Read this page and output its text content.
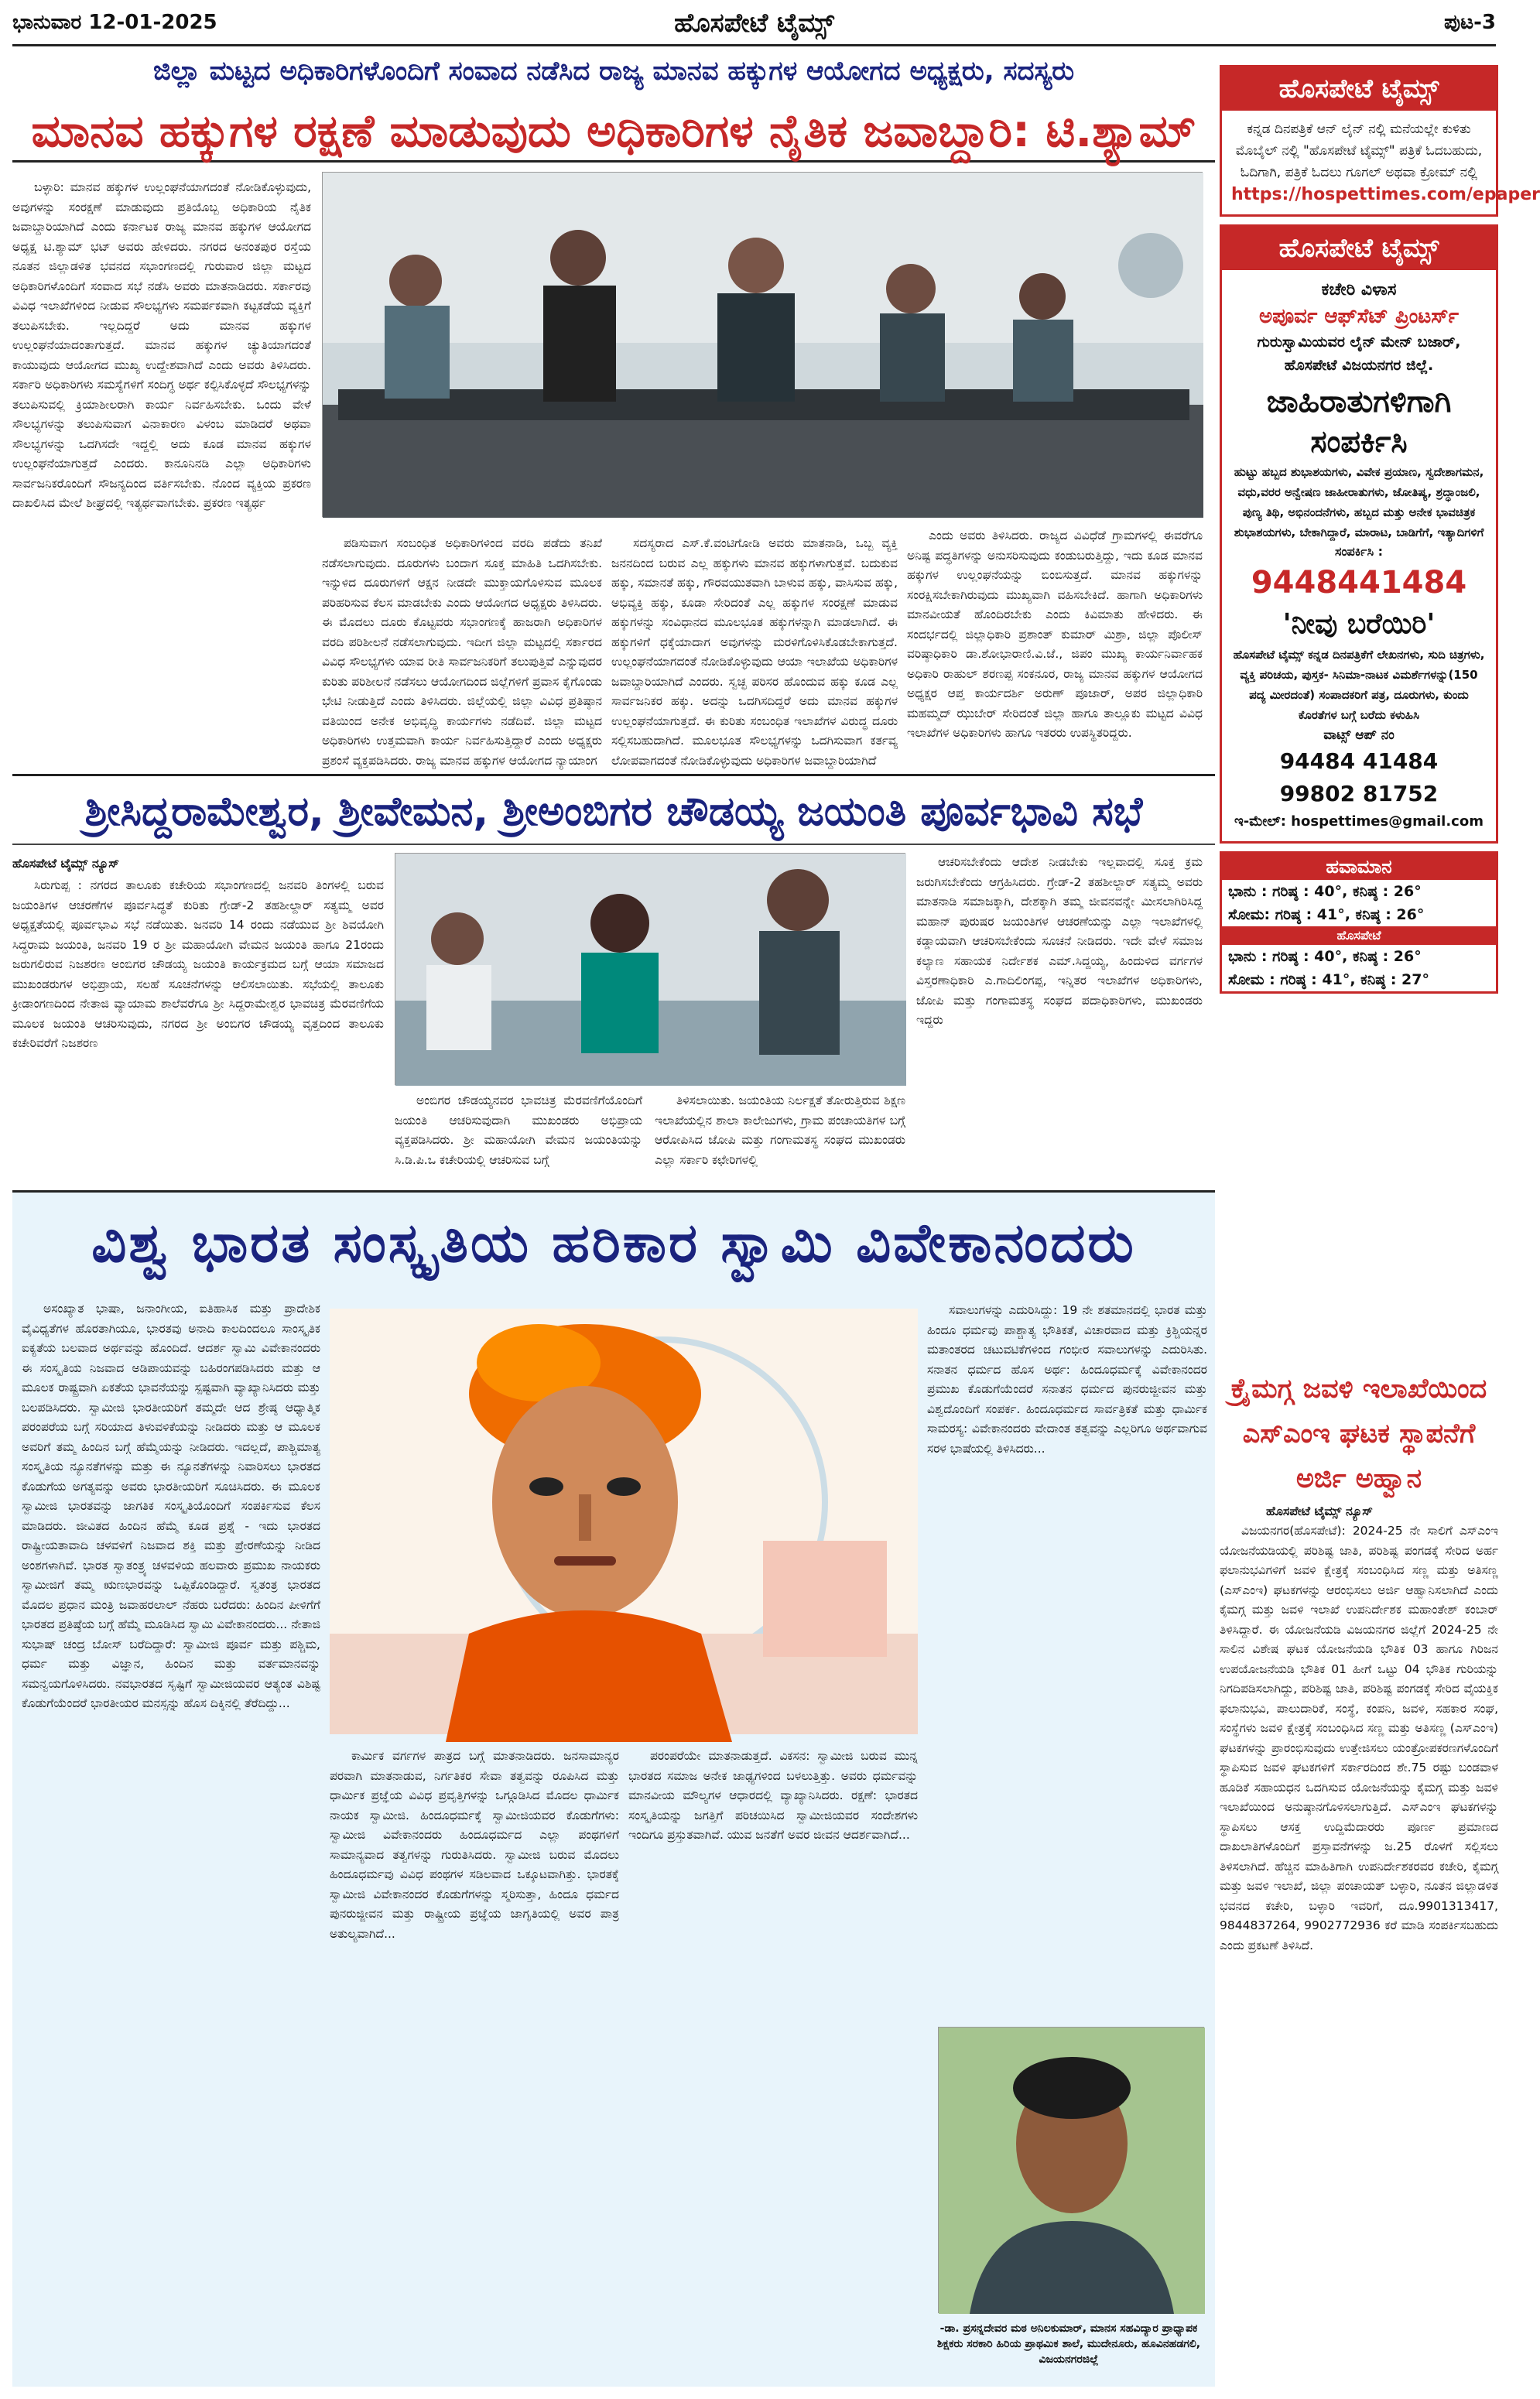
ಭಾನುವಾರ 12-01-2025	ಹೊಸಪೇಟೆ ಟೈಮ್ಸ್	ಪುಟ-3
ಜಿಲ್ಲಾ ಮಟ್ಟದ ಅಧಿಕಾರಿಗಳೊಂದಿಗೆ ಸಂವಾದ ನಡೆಸಿದ ರಾಜ್ಯ ಮಾನವ ಹಕ್ಕುಗಳ ಆಯೋಗದ ಅಧ್ಯಕ್ಷರು, ಸದಸ್ಯರು
ಮಾನವ ಹಕ್ಕುಗಳ ರಕ್ಷಣೆ ಮಾಡುವುದು ಅಧಿಕಾರಿಗಳ ನೈತಿಕ ಜವಾಬ್ದಾರಿ: ಟಿ.ಶ್ಯಾಮ್

ಬಳ್ಳಾರಿ: ಮಾನವ ಹಕ್ಕುಗಳ ಉಲ್ಲಂಘನೆಯಾಗದಂತೆ ನೋಡಿಕೊಳ್ಳುವುದು, ಅವುಗಳನ್ನು ಸಂರಕ್ಷಣೆ ಮಾಡುವುದು ಪ್ರತಿಯೊಬ್ಬ ಅಧಿಕಾರಿಯ ನೈತಿಕ ಜವಾಬ್ದಾರಿಯಾಗಿದೆ ಎಂದು ಕರ್ನಾಟಕ ರಾಜ್ಯ ಮಾನವ ಹಕ್ಕುಗಳ ಆಯೋಗದ ಅಧ್ಯಕ್ಷ ಟಿ.ಶ್ಯಾಮ್ ಭಟ್ ಅವರು ಹೇಳಿದರು. ನಗರದ ಅನಂತಪುರ ರಸ್ತೆಯ ನೂತನ ಜಿಲ್ಲಾಡಳಿತ ಭವನದ ಸಭಾಂಗಣದಲ್ಲಿ ಗುರುವಾರ ಜಿಲ್ಲಾ ಮಟ್ಟದ ಅಧಿಕಾರಿಗಳೊಂದಿಗೆ ಸಂವಾದ ಸಭೆ ನಡೆಸಿ ಅವರು ಮಾತನಾಡಿದರು. ಸರ್ಕಾರವು ವಿವಿಧ ಇಲಾಖೆಗಳಿಂದ ನೀಡುವ ಸೌಲಭ್ಯಗಳು ಸಮರ್ಪಕವಾಗಿ ಕಟ್ಟಕಡೆಯ ವ್ಯಕ್ತಿಗೆ ತಲುಪಿಸಬೇಕು. ಇಲ್ಲದಿದ್ದರೆ ಅದು ಮಾನವ ಹಕ್ಕುಗಳ ಉಲ್ಲಂಘನೆಯಾದಂತಾಗುತ್ತದೆ. ಮಾನವ ಹಕ್ಕುಗಳ ಚ್ಯುತಿಯಾಗದಂತೆ ಕಾಯುವುದು ಆಯೋಗದ ಮುಖ್ಯ ಉದ್ದೇಶವಾಗಿದೆ ಎಂದು ಅವರು ತಿಳಿಸಿದರು. ಸರ್ಕಾರಿ ಅಧಿಕಾರಿಗಳು ಸಮಸ್ಯೆಗಳಿಗೆ ಸಂದಿಗ್ಧ ಅರ್ಥ ಕಲ್ಪಿಸಿಕೊಳ್ಳದೆ ಸೌಲಭ್ಯಗಳನ್ನು ತಲುಪಿಸುವಲ್ಲಿ ಕ್ರಿಯಾಶೀಲರಾಗಿ ಕಾರ್ಯ ನಿರ್ವಹಿಸಬೇಕು. ಒಂದು ವೇಳೆ ಸೌಲಭ್ಯಗಳನ್ನು ತಲುಪಿಸುವಾಗ ವಿನಾಕಾರಣ ವಿಳಂಬ ಮಾಡಿದರೆ ಅಥವಾ ಸೌಲಭ್ಯಗಳನ್ನು ಒದಗಿಸದೇ ಇದ್ದಲ್ಲಿ ಅದು ಕೂಡ ಮಾನವ ಹಕ್ಕುಗಳ ಉಲ್ಲಂಘನೆಯಾಗುತ್ತದೆ ಎಂದರು. ಕಾನೂನಿನಡಿ ಎಲ್ಲಾ ಅಧಿಕಾರಿಗಳು ಸಾರ್ವಜನಿಕರೊಂದಿಗೆ ಸೌಜನ್ಯದಿಂದ ವರ್ತಿಸಬೇಕು. ನೊಂದ ವ್ಯಕ್ತಿಯ ಪ್ರಕರಣ ದಾಖಲಿಸಿದ ಮೇಲೆ ಶೀಘ್ರದಲ್ಲಿ ಇತ್ಯರ್ಥವಾಗಬೇಕು. ಪ್ರಕರಣ ಇತ್ಯರ್ಥ

ಪಡಿಸುವಾಗ ಸಂಬಂಧಿತ ಅಧಿಕಾರಿಗಳಿಂದ ವರದಿ ಪಡೆದು ತನಿಖೆ ನಡೆಸಲಾಗುವುದು. ದೂರುಗಳು ಬಂದಾಗ ಸೂಕ್ತ ಮಾಹಿತಿ ಒದಗಿಸಬೇಕು. ಇನ್ನುಳಿದ ದೂರುಗಳಿಗೆ ಆಕ್ಷನ ನೀಡದೇ ಮುಕ್ತಾಯಗೊಳಿಸುವ ಮೂಲಕ ಪರಿಹರಿಸುವ ಕೆಲಸ ಮಾಡಬೇಕು ಎಂದು ಆಯೋಗದ ಅಧ್ಯಕ್ಷರು ತಿಳಿಸಿದರು. ಈ ಮೊದಲು ದೂರು ಕೊಟ್ಟವರು ಸಭಾಂಗಣಕ್ಕೆ ಹಾಜರಾಗಿ ಅಧಿಕಾರಿಗಳ ವರದಿ ಪರಿಶೀಲನೆ ನಡೆಸಲಾಗುವುದು. ಇದೀಗ ಜಿಲ್ಲಾ ಮಟ್ಟದಲ್ಲಿ ಸರ್ಕಾರದ ವಿವಿಧ ಸೌಲಭ್ಯಗಳು ಯಾವ ರೀತಿ ಸಾರ್ವಜನಿಕರಿಗೆ ತಲುಪುತ್ತಿವೆ ಎನ್ನುವುದರ ಕುರಿತು ಪರಿಶೀಲನೆ ನಡೆಸಲು ಆಯೋಗದಿಂದ ಜಿಲ್ಲೆಗಳಿಗೆ ಪ್ರವಾಸ ಕೈಗೊಂಡು ಭೇಟಿ ನೀಡುತ್ತಿದೆ ಎಂದು ತಿಳಿಸಿದರು. ಜಿಲ್ಲೆಯಲ್ಲಿ ಜಿಲ್ಲಾ ವಿವಿಧ ಪ್ರತಿಷ್ಠಾನ ವತಿಯಿಂದ ಅನೇಕ ಅಭಿವೃದ್ಧಿ ಕಾರ್ಯಗಳು ನಡೆದಿವೆ. ಜಿಲ್ಲಾ ಮಟ್ಟದ ಅಧಿಕಾರಿಗಳು ಉತ್ತಮವಾಗಿ ಕಾರ್ಯ ನಿರ್ವಹಿಸುತ್ತಿದ್ದಾರೆ ಎಂದು ಅಧ್ಯಕ್ಷರು ಪ್ರಶಂಸೆ ವ್ಯಕ್ತಪಡಿಸಿದರು. ರಾಜ್ಯ ಮಾನವ ಹಕ್ಕುಗಳ ಆಯೋಗದ ನ್ಯಾಯಾಂಗ

ಸದಸ್ಯರಾದ ಎಸ್.ಕೆ.ವಂಟಿಗೋಡಿ ಅವರು ಮಾತನಾಡಿ, ಒಬ್ಬ ವ್ಯಕ್ತಿ ಜನನದಿಂದ ಬರುವ ಎಲ್ಲ ಹಕ್ಕುಗಳು ಮಾನವ ಹಕ್ಕುಗಳಾಗುತ್ತವೆ. ಬದುಕುವ ಹಕ್ಕು, ಸಮಾನತೆ ಹಕ್ಕು, ಗೌರವಯುತವಾಗಿ ಬಾಳುವ ಹಕ್ಕು, ವಾಸಿಸುವ ಹಕ್ಕು, ಅಭಿವ್ಯಕ್ತಿ ಹಕ್ಕು, ಕೂಡಾ ಸೇರಿದಂತೆ ಎಲ್ಲ ಹಕ್ಕುಗಳ ಸಂರಕ್ಷಣೆ ಮಾಡುವ ಹಕ್ಕುಗಳನ್ನು ಸಂವಿಧಾನದ ಮೂಲಭೂತ ಹಕ್ಕುಗಳನ್ನಾಗಿ ಮಾಡಲಾಗಿದೆ. ಈ ಹಕ್ಕುಗಳಿಗೆ ಧಕ್ಕೆಯಾದಾಗ ಅವುಗಳನ್ನು ಮರಳಿಗೊಳಿಸಿಕೊಡಬೇಕಾಗುತ್ತದೆ. ಉಲ್ಲಂಘನೆಯಾಗದಂತೆ ನೋಡಿಕೊಳ್ಳುವುದು ಆಯಾ ಇಲಾಖೆಯ ಅಧಿಕಾರಿಗಳ ಜವಾಬ್ದಾರಿಯಾಗಿದೆ ಎಂದರು. ಸ್ವಚ್ಛ ಪರಿಸರ ಹೊಂದುವ ಹಕ್ಕು ಕೂಡ ಎಲ್ಲ ಸಾರ್ವಜನಿಕರ ಹಕ್ಕು. ಅದನ್ನು ಒದಗಿಸದಿದ್ದರೆ ಅದು ಮಾನವ ಹಕ್ಕುಗಳ ಉಲ್ಲಂಘನೆಯಾಗುತ್ತದೆ. ಈ ಕುರಿತು ಸಂಬಂಧಿತ ಇಲಾಖೆಗಳ ವಿರುದ್ಧ ದೂರು ಸಲ್ಲಿಸಬಹುದಾಗಿದೆ. ಮೂಲಭೂತ ಸೌಲಭ್ಯಗಳನ್ನು ಒದಗಿಸುವಾಗ ಕರ್ತವ್ಯ ಲೋಪವಾಗದಂತೆ ನೋಡಿಕೊಳ್ಳುವುದು ಅಧಿಕಾರಿಗಳ ಜವಾಬ್ದಾರಿಯಾಗಿದೆ

ಎಂದು ಅವರು ತಿಳಿಸಿದರು. ರಾಜ್ಯದ ವಿವಿಧೆಡೆ ಗ್ರಾಮಗಳಲ್ಲಿ ಈವರೆಗೂ ಅನಿಷ್ಟ ಪದ್ಧತಿಗಳನ್ನು ಅನುಸರಿಸುವುದು ಕಂಡುಬರುತ್ತಿದ್ದು, ಇದು ಕೂಡ ಮಾನವ ಹಕ್ಕುಗಳ ಉಲ್ಲಂಘನೆಯನ್ನು ಬಿಂಬಿಸುತ್ತದೆ. ಮಾನವ ಹಕ್ಕುಗಳನ್ನು ಸಂರಕ್ಷಿಸಬೇಕಾಗಿರುವುದು ಮುಖ್ಯವಾಗಿ ವಹಿಸಬೇಕಿದೆ. ಹಾಗಾಗಿ ಅಧಿಕಾರಿಗಳು ಮಾನವೀಯತೆ ಹೊಂದಿರಬೇಕು ಎಂದು ಕಿವಿಮಾತು ಹೇಳಿದರು. ಈ ಸಂದರ್ಭದಲ್ಲಿ ಜಿಲ್ಲಾಧಿಕಾರಿ ಪ್ರಶಾಂತ್ ಕುಮಾರ್ ಮಿಶ್ರಾ, ಜಿಲ್ಲಾ ಪೊಲೀಸ್ ವರಿಷ್ಠಾಧಿಕಾರಿ ಡಾ.ಶೋಭಾರಾಣಿ.ವಿ.ಜೆ., ಜಿಪಂ ಮುಖ್ಯ ಕಾರ್ಯನಿರ್ವಾಹಕ ಅಧಿಕಾರಿ ರಾಹುಲ್ ಶರಣಪ್ಪ ಸಂಕನೂರ, ರಾಜ್ಯ ಮಾನವ ಹಕ್ಕುಗಳ ಆಯೋಗದ ಅಧ್ಯಕ್ಷರ ಆಪ್ತ ಕಾರ್ಯದರ್ಶಿ ಅರುಣ್ ಪೂಜಾರ್, ಅಪರ ಜಿಲ್ಲಾಧಿಕಾರಿ ಮಹಮ್ಮದ್ ಝುಬೇರ್ ಸೇರಿದಂತೆ ಜಿಲ್ಲಾ ಹಾಗೂ ತಾಲ್ಲೂಕು ಮಟ್ಟದ ವಿವಿಧ ಇಲಾಖೆಗಳ ಅಧಿಕಾರಿಗಳು ಹಾಗೂ ಇತರರು ಉಪಸ್ಥಿತರಿದ್ದರು.

ಶ್ರೀಸಿದ್ದರಾಮೇಶ್ವರ, ಶ್ರೀವೇಮನ, ಶ್ರೀಅಂಬಿಗರ ಚೌಡಯ್ಯ ಜಯಂತಿ ಪೂರ್ವಭಾವಿ ಸಭೆ
ಹೊಸಪೇಟೆ ಟೈಮ್ಸ್ ನ್ಯೂಸ್

ಸಿರುಗುಪ್ಪ : ನಗರದ ತಾಲೂಕು ಕಚೇರಿಯ ಸಭಾಂಗಣದಲ್ಲಿ ಜನವರಿ ತಿಂಗಳಲ್ಲಿ ಬರುವ ಜಯಂತಿಗಳ ಆಚರಣೆಗಳ ಪೂರ್ವಸಿದ್ಧತೆ ಕುರಿತು ಗ್ರೇಡ್-2 ತಹಶೀಲ್ದಾರ್ ಸತ್ಯಮ್ಮ ಅವರ ಅಧ್ಯಕ್ಷತೆಯಲ್ಲಿ ಪೂರ್ವಭಾವಿ ಸಭೆ ನಡೆಯಿತು. ಜನವರಿ 14 ರಂದು ನಡೆಯುವ ಶ್ರೀ ಶಿವಯೋಗಿ ಸಿದ್ಧರಾಮ ಜಯಂತಿ, ಜನವರಿ 19 ರ ಶ್ರೀ ಮಹಾಯೋಗಿ ವೇಮನ ಜಯಂತಿ ಹಾಗೂ 21ರಂದು ಜರುಗಲಿರುವ ನಿಜಶರಣ ಅಂಬಿಗರ ಚೌಡಯ್ಯ ಜಯಂತಿ ಕಾರ್ಯಕ್ರಮದ ಬಗ್ಗೆ ಆಯಾ ಸಮಾಜದ ಮುಖಂಡರುಗಳ ಅಭಿಪ್ರಾಯ, ಸಲಹೆ ಸೂಚನೆಗಳನ್ನು ಆಲಿಸಲಾಯಿತು. ಸಭೆಯಲ್ಲಿ ತಾಲೂಕು ಕ್ರೀಡಾಂಗಣದಿಂದ ನೇತಾಜಿ ವ್ಯಾಯಾಮ ಶಾಲೆವರೆಗೂ ಶ್ರೀ ಸಿದ್ದರಾಮೇಶ್ವರ ಭಾವಚಿತ್ರ ಮೆರವಣಿಗೆಯ ಮೂಲಕ ಜಯಂತಿ ಆಚರಿಸುವುದು, ನಗರದ ಶ್ರೀ ಅಂಬಿಗರ ಚೌಡಯ್ಯ ವೃತ್ತದಿಂದ ತಾಲೂಕು ಕಚೇರಿವರೆಗೆ ನಿಜಶರಣ

ಅಂಬಿಗರ ಚೌಡಯ್ಯನವರ ಭಾವಚಿತ್ರ ಮೆರವಣಿಗೆಯೊಂದಿಗೆ ಜಯಂತಿ ಆಚರಿಸುವುದಾಗಿ ಮುಖಂಡರು ಅಭಿಪ್ರಾಯ ವ್ಯಕ್ತಪಡಿಸಿದರು. ಶ್ರೀ ಮಹಾಯೋಗಿ ವೇಮನ ಜಯಂತಿಯನ್ನು ಸಿ.ಡಿ.ಪಿ.ಒ ಕಚೇರಿಯಲ್ಲಿ ಆಚರಿಸುವ ಬಗ್ಗೆ

ತಿಳಿಸಲಾಯಿತು. ಜಯಂತಿಯ ನಿರ್ಲಕ್ಷತೆ ತೋರುತ್ತಿರುವ ಶಿಕ್ಷಣ ಇಲಾಖೆಯಲ್ಲಿನ ಶಾಲಾ ಕಾಲೇಜುಗಳು, ಗ್ರಾಮ ಪಂಚಾಯತಿಗಳ ಬಗ್ಗೆ ಆರೋಪಿಸಿದ ಜೋಪಿ ಮತ್ತು ಗಂಗಾಮತಸ್ಥ ಸಂಘದ ಮುಖಂಡರು ಎಲ್ಲಾ ಸರ್ಕಾರಿ ಕಛೇರಿಗಳಲ್ಲಿ

ಆಚರಿಸಬೇಕೆಂದು ಆದೇಶ ನೀಡಬೇಕು ಇಲ್ಲವಾದಲ್ಲಿ ಸೂಕ್ತ ಕ್ರಮ ಜರುಗಿಸಬೇಕೆಂದು ಆಗ್ರಹಿಸಿದರು. ಗ್ರೇಡ್-2 ತಹಶೀಲ್ದಾರ್ ಸತ್ಯಮ್ಮ ಅವರು ಮಾತನಾಡಿ ಸಮಾಜಕ್ಕಾಗಿ, ದೇಶಕ್ಕಾಗಿ ತಮ್ಮ ಜೀವನವನ್ನೇ ಮೀಸಲಾಗಿರಿಸಿದ್ದ ಮಹಾನ್ ಪುರುಷರ ಜಯಂತಿಗಳ ಆಚರಣೆಯನ್ನು ಎಲ್ಲಾ ಇಲಾಖೆಗಳಲ್ಲಿ ಕಡ್ಡಾಯವಾಗಿ ಆಚರಿಸಬೇಕೆಂದು ಸೂಚನೆ ನೀಡಿದರು. ಇದೇ ವೇಳೆ ಸಮಾಜ ಕಲ್ಯಾಣ ಸಹಾಯಕ ನಿರ್ದೇಶಕ ಎಮ್.ಸಿದ್ದಯ್ಯ, ಹಿಂದುಳಿದ ವರ್ಗಗಳ ವಿಸ್ತರಣಾಧಿಕಾರಿ ಎ.ಗಾದಿಲಿಂಗಪ್ಪ, ಇನ್ನಿತರ ಇಲಾಖೆಗಳ ಅಧಿಕಾರಿಗಳು, ಜೋಪಿ ಮತ್ತು ಗಂಗಾಮತಸ್ಥ ಸಂಘದ ಪದಾಧಿಕಾರಿಗಳು, ಮುಖಂಡರು ಇದ್ದರು

ವಿಶ್ವ ಭಾರತ ಸಂಸ್ಕೃತಿಯ ಹರಿಕಾರ ಸ್ವಾಮಿ ವಿವೇಕಾನಂದರು

ಅಸಂಖ್ಯಾತ ಭಾಷಾ, ಜನಾಂಗೀಯ, ಐತಿಹಾಸಿಕ ಮತ್ತು ಪ್ರಾದೇಶಿಕ ವೈವಿಧ್ಯತೆಗಳ ಹೊರತಾಗಿಯೂ, ಭಾರತವು ಅನಾದಿ ಕಾಲದಿಂದಲೂ ಸಾಂಸ್ಕೃತಿಕ ಐಕ್ಯತೆಯ ಬಲವಾದ ಅರ್ಥವನ್ನು ಹೊಂದಿದೆ. ಆದರ್ಶ ಸ್ವಾಮಿ ವಿವೇಕಾನಂದರು ಈ ಸಂಸ್ಕೃತಿಯ ನಿಜವಾದ ಅಡಿಪಾಯವನ್ನು ಬಹಿರಂಗಪಡಿಸಿದರು ಮತ್ತು ಆ ಮೂಲಕ ರಾಷ್ಟ್ರವಾಗಿ ಏಕತೆಯ ಭಾವನೆಯನ್ನು ಸ್ಪಷ್ಟವಾಗಿ ವ್ಯಾಖ್ಯಾನಿಸಿದರು ಮತ್ತು ಬಲಪಡಿಸಿದರು. ಸ್ವಾಮೀಜಿ ಭಾರತೀಯರಿಗೆ ತಮ್ಮದೇ ಆದ ಶ್ರೇಷ್ಠ ಆಧ್ಯಾತ್ಮಿಕ ಪರಂಪರೆಯ ಬಗ್ಗೆ ಸರಿಯಾದ ತಿಳುವಳಿಕೆಯನ್ನು ನೀಡಿದರು ಮತ್ತು ಆ ಮೂಲಕ ಅವರಿಗೆ ತಮ್ಮ ಹಿಂದಿನ ಬಗ್ಗೆ ಹೆಮ್ಮೆಯನ್ನು ನೀಡಿದರು. ಇದಲ್ಲದೆ, ಪಾಶ್ಚಿಮಾತ್ಯ ಸಂಸ್ಕೃತಿಯ ನ್ಯೂನತೆಗಳನ್ನು ಮತ್ತು ಈ ನ್ಯೂನತೆಗಳನ್ನು ನಿವಾರಿಸಲು ಭಾರತದ ಕೊಡುಗೆಯ ಅಗತ್ಯವನ್ನು ಅವರು ಭಾರತೀಯರಿಗೆ ಸೂಚಿಸಿದರು. ಈ ಮೂಲಕ ಸ್ವಾಮೀಜಿ ಭಾರತವನ್ನು ಜಾಗತಿಕ ಸಂಸ್ಕೃತಿಯೊಂದಿಗೆ ಸಂಪರ್ಕಿಸುವ ಕೆಲಸ ಮಾಡಿದರು. ಜೀವಿತದ ಹಿಂದಿನ ಹೆಮ್ಮೆ ಕೂಡ ಪ್ರಶ್ನೆ - ಇದು ಭಾರತದ ರಾಷ್ಟ್ರೀಯತಾವಾದಿ ಚಳವಳಿಗೆ ನಿಜವಾದ ಶಕ್ತಿ ಮತ್ತು ಪ್ರೇರಣೆಯನ್ನು ನೀಡಿದ ಅಂಶಗಳಾಗಿವೆ. ಭಾರತ ಸ್ವಾತಂತ್ರ್ಯ ಚಳವಳಿಯ ಹಲವಾರು ಪ್ರಮುಖ ನಾಯಕರು ಸ್ವಾಮೀಜಿಗೆ ತಮ್ಮ ಋಣಭಾರವನ್ನು ಒಪ್ಪಿಕೊಂಡಿದ್ದಾರೆ. ಸ್ವತಂತ್ರ ಭಾರತದ ಮೊದಲ ಪ್ರಧಾನ ಮಂತ್ರಿ ಜವಾಹರಲಾಲ್ ನೆಹರು ಬರೆದರು: ಹಿಂದಿನ ಪೀಳಿಗೆಗೆ ಭಾರತದ ಪ್ರತಿಷ್ಠೆಯ ಬಗ್ಗೆ ಹೆಮ್ಮೆ ಮೂಡಿಸಿದ ಸ್ವಾಮಿ ವಿವೇಕಾನಂದರು... ನೇತಾಜಿ ಸುಭಾಷ್ ಚಂದ್ರ ಬೋಸ್ ಬರೆದಿದ್ದಾರೆ: ಸ್ವಾಮೀಜಿ ಪೂರ್ವ ಮತ್ತು ಪಶ್ಚಿಮ, ಧರ್ಮ ಮತ್ತು ವಿಜ್ಞಾನ, ಹಿಂದಿನ ಮತ್ತು ವರ್ತಮಾನವನ್ನು ಸಮನ್ವಯಗೊಳಿಸಿದರು. ನವಭಾರತದ ಸೃಷ್ಟಿಗೆ ಸ್ವಾಮೀಜಿಯವರ ಆತ್ಯಂತ ವಿಶಿಷ್ಟ ಕೊಡುಗೆಯೆಂದರೆ ಭಾರತೀಯರ ಮನಸ್ಸನ್ನು ಹೊಸ ದಿಕ್ಕಿನಲ್ಲಿ ತೆರೆದಿದ್ದು...

ಕಾರ್ಮಿಕ ವರ್ಗಗಳ ಪಾತ್ರದ ಬಗ್ಗೆ ಮಾತನಾಡಿದರು. ಜನಸಾಮಾನ್ಯರ ಪರವಾಗಿ ಮಾತನಾಡುವ, ನಿರ್ಗತಿಕರ ಸೇವಾ ತತ್ವವನ್ನು ರೂಪಿಸಿದ ಮತ್ತು ಧಾರ್ಮಿಕ ಪ್ರಜ್ಞೆಯ ವಿವಿಧ ಪ್ರವೃತ್ತಿಗಳನ್ನು ಒಗ್ಗೂಡಿಸಿದ ಮೊದಲ ಧಾರ್ಮಿಕ ನಾಯಕ ಸ್ವಾಮೀಜಿ. ಹಿಂದೂಧರ್ಮಕ್ಕೆ ಸ್ವಾಮೀಜಿಯವರ ಕೊಡುಗೆಗಳು: ಸ್ವಾಮೀಜಿ ವಿವೇಕಾನಂದರು ಹಿಂದೂಧರ್ಮದ ಎಲ್ಲಾ ಪಂಥಗಳಿಗೆ ಸಾಮಾನ್ಯವಾದ ತತ್ವಗಳನ್ನು ಗುರುತಿಸಿದರು. ಸ್ವಾಮೀಜಿ ಬರುವ ಮೊದಲು ಹಿಂದೂಧರ್ಮವು ವಿವಿಧ ಪಂಥಗಳ ಸಡಿಲವಾದ ಒಕ್ಕೂಟವಾಗಿತ್ತು. ಭಾರತಕ್ಕೆ ಸ್ವಾಮೀಜಿ ವಿವೇಕಾನಂದರ ಕೊಡುಗೆಗಳನ್ನು ಸ್ಮರಿಸುತ್ತಾ, ಹಿಂದೂ ಧರ್ಮದ ಪುನರುಜ್ಜೀವನ ಮತ್ತು ರಾಷ್ಟ್ರೀಯ ಪ್ರಜ್ಞೆಯ ಜಾಗೃತಿಯಲ್ಲಿ ಅವರ ಪಾತ್ರ ಅತುಲ್ಯವಾಗಿದೆ...

ಪರಂಪರೆಯೇ ಮಾತನಾಡುತ್ತದೆ. ವಿಕಸನ: ಸ್ವಾಮೀಜಿ ಬರುವ ಮುನ್ನ ಭಾರತದ ಸಮಾಜ ಅನೇಕ ಜಾಢ್ಯಗಳಿಂದ ಬಳಲುತ್ತಿತ್ತು. ಅವರು ಧರ್ಮವನ್ನು ಮಾನವೀಯ ಮೌಲ್ಯಗಳ ಆಧಾರದಲ್ಲಿ ವ್ಯಾಖ್ಯಾನಿಸಿದರು. ರಕ್ಷಣೆ: ಭಾರತದ ಸಂಸ್ಕೃತಿಯನ್ನು ಜಗತ್ತಿಗೆ ಪರಿಚಯಿಸಿದ ಸ್ವಾಮೀಜಿಯವರ ಸಂದೇಶಗಳು ಇಂದಿಗೂ ಪ್ರಸ್ತುತವಾಗಿವೆ. ಯುವ ಜನತೆಗೆ ಅವರ ಜೀವನ ಆದರ್ಶವಾಗಿದೆ...

ಸವಾಲುಗಳನ್ನು ಎದುರಿಸಿದ್ದು: 19 ನೇ ಶತಮಾನದಲ್ಲಿ ಭಾರತ ಮತ್ತು ಹಿಂದೂ ಧರ್ಮವು ಪಾಶ್ಚಾತ್ಯ ಭೌತಿಕತೆ, ವಿಚಾರವಾದ ಮತ್ತು ಕ್ರಿಶ್ಚಿಯನ್ನರ ಮತಾಂತರದ ಚಟುವಟಿಕೆಗಳಿಂದ ಗಂಭೀರ ಸವಾಲುಗಳನ್ನು ಎದುರಿಸಿತು. ಸನಾತನ ಧರ್ಮದ ಹೊಸ ಅರ್ಥ: ಹಿಂದೂಧರ್ಮಕ್ಕೆ ವಿವೇಕಾನಂದರ ಪ್ರಮುಖ ಕೊಡುಗೆಯೆಂದರೆ ಸನಾತನ ಧರ್ಮದ ಪುನರುಜ್ಜೀವನ ಮತ್ತು ವಿಶ್ವದೊಂದಿಗೆ ಸಂಪರ್ಕ. ಹಿಂದೂಧರ್ಮದ ಸಾರ್ವತ್ರಿಕತೆ ಮತ್ತು ಧಾರ್ಮಿಕ ಸಾಮರಸ್ಯ: ವಿವೇಕಾನಂದರು ವೇದಾಂತ ತತ್ವವನ್ನು ಎಲ್ಲರಿಗೂ ಅರ್ಥವಾಗುವ ಸರಳ ಭಾಷೆಯಲ್ಲಿ ತಿಳಿಸಿದರು...

-ಡಾ. ಪ್ರಸನ್ನದೇವರ ಮಠ ಅನಿಲಕುಮಾರ್, ಮಾನಸ ಸಹವಿದ್ಯಾರ ಪ್ರಾಧ್ಯಾಪಕ ಶಿಕ್ಷಕರು ಸರಕಾರಿ ಹಿರಿಯ ಪ್ರಾಥಮಿಕ ಶಾಲೆ, ಮುದೇನೂರು, ಹೂವಿನಹಡಗಲಿ, ವಿಜಯನಗರಜಿಲ್ಲೆ
ಹೊಸಪೇಟೆ ಟೈಮ್ಸ್
ಕನ್ನಡ ದಿನಪತ್ರಿಕೆ ಆನ್ ಲೈನ್ ನಲ್ಲಿ ಮನೆಯಲ್ಲೇ ಕುಳಿತು ಮೊಬೈಲ್ ನಲ್ಲಿ "ಹೊಸಪೇಟೆ ಟೈಮ್ಸ್" ಪತ್ರಿಕೆ ಓದಬಹುದು, ಓದಿಗಾಗಿ, ಪತ್ರಿಕೆ ಓದಲು ಗೂಗಲ್ ಅಥವಾ ಕ್ರೋಮ್ ನಲ್ಲಿ
https://hospettimes.com/epaper
ಹೊಸಪೇಟೆ ಟೈಮ್ಸ್
ಕಚೇರಿ ವಿಳಾಸ
ಅಪೂರ್ವ ಆಫ್‌ಸೆಟ್ ಪ್ರಿಂಟರ್ಸ್
ಗುರುಸ್ವಾಮಿಯವರ ಲೈನ್ ಮೇನ್ ಬಜಾರ್, ಹೊಸಪೇಟೆ ವಿಜಯನಗರ ಜಿಲ್ಲೆ.
ಜಾಹಿರಾತುಗಳಿಗಾಗಿ
ಸಂಪರ್ಕಿಸಿ
ಹುಟ್ಟು ಹಬ್ಬದ ಶುಭಾಶಯಗಳು, ವಿವೇಕ ಪ್ರಯಾಣ, ಸ್ವದೇಶಾಗಮನ, ವಧು,ವರರ ಅನ್ವೇಷಣ ಜಾಹೀರಾತುಗಳು, ಜೋತಿಷ್ಯ, ಶ್ರದ್ಧಾಂಜಲಿ, ಪುಣ್ಯ ತಿಥಿ, ಅಭಿನಂದನೆಗಳು, ಹಬ್ಬದ ಮತ್ತು ಅನೇಕ ಭಾವಚಿತ್ರಕ ಶುಭಾಶಯಗಳು, ಬೇಕಾಗಿದ್ದಾರೆ, ಮಾರಾಟ, ಬಾಡಿಗೆಗೆ, ಇತ್ಯಾದಿಗಳಿಗೆ
ಸಂಪರ್ಕಿಸಿ :
9448441484
'ನೀವು ಬರೆಯಿರಿ'
ಹೊಸಪೇಟೆ ಟೈಮ್ಸ್ ಕನ್ನಡ ದಿನಪತ್ರಿಕೆಗೆ ಲೇಖನಗಳು, ಸುದಿ ಚಿತ್ರಗಳು, ವ್ಯಕ್ತಿ ಪರಿಚಯ, ಪುಸ್ತಕ- ಸಿನಿಮಾ-ನಾಟಕ ವಿಮರ್ಶೆಗಳನ್ನು(150 ಪದ್ಯ ಮೀರದಂತೆ) ಸಂಪಾದಕರಿಗೆ ಪತ್ರ, ದೂರುಗಳು, ಕುಂದು ಕೊರತೆಗಳ ಬಗ್ಗೆ ಬರೆದು ಕಳುಹಿಸಿ
ವಾಟ್ಸ್ ಆಪ್ ನಂ
94484 41484
99802 81752
ಇ-ಮೇಲ್: hospettimes@gmail.com
ಹವಾಮಾನ
ಭಾನು : ಗರಿಷ್ಠ : 40°, ಕನಿಷ್ಠ : 26°
ಸೋಮ: ಗರಿಷ್ಠ : 41°, ಕನಿಷ್ಠ : 26°
ಹೊಸಪೇಟೆ
ಭಾನು : ಗರಿಷ್ಠ : 40°, ಕನಿಷ್ಠ : 26°
ಸೋಮ : ಗರಿಷ್ಠ : 41°, ಕನಿಷ್ಠ : 27°
ಕ್ರೈಮಗ್ಗ ಜವಳಿ ಇಲಾಖೆಯಿಂದ ಎಸ್‌ಎಂಇ ಘಟಕ ಸ್ಥಾಪನೆಗೆ ಅರ್ಜಿ ಅಹ್ವಾನ
ಹೊಸಪೇಟೆ ಟೈಮ್ಸ್ ನ್ಯೂಸ್

ವಿಜಯನಗರ(ಹೊಸಪೇಟೆ): 2024-25 ನೇ ಸಾಲಿಗೆ ಎಸ್‌ಎಂಇ ಯೋಜನೆಯಡಿಯಲ್ಲಿ ಪರಿಶಿಷ್ಟ ಜಾತಿ, ಪರಿಶಿಷ್ಟ ಪಂಗಡಕ್ಕೆ ಸೇರಿದ ಅರ್ಹ ಫಲಾನುಭವಿಗಳಿಗೆ ಜವಳಿ ಕ್ಷೇತ್ರಕ್ಕೆ ಸಂಬಂಧಿಸಿದ ಸಣ್ಣ ಮತ್ತು ಅತಿಸಣ್ಣ (ಎಸ್‌ಎಂಇ) ಘಟಕಗಳನ್ನು ಆರಂಭಿಸಲು ಅರ್ಜಿ ಆಹ್ವಾನಿಸಲಾಗಿದೆ ಎಂದು ಕೈಮಗ್ಗ ಮತ್ತು ಜವಳಿ ಇಲಾಖೆ ಉಪನಿರ್ದೇಶಕ ಮಹಾಂತೇಶ್ ಕಂಬಾರ್ ತಿಳಿಸಿದ್ದಾರೆ. ಈ ಯೋಜನೆಯಡಿ ವಿಜಯನಗರ ಜಿಲ್ಲೆಗೆ 2024-25 ನೇ ಸಾಲಿನ ವಿಶೇಷ ಘಟಕ ಯೋಜನೆಯಡಿ ಭೌತಿಕ 03 ಹಾಗೂ ಗಿರಿಜನ ಉಪಯೋಜನೆಯಡಿ ಭೌತಿಕ 01 ಹೀಗೆ ಒಟ್ಟು 04 ಭೌತಿಕ ಗುರಿಯನ್ನು ನಿಗದಿಪಡಿಸಲಾಗಿದ್ದು, ಪರಿಶಿಷ್ಟ ಜಾತಿ, ಪರಿಶಿಷ್ಟ ಪಂಗಡಕ್ಕೆ ಸೇರಿದ ವೈಯಕ್ತಿಕ ಫಲಾನುಭವಿ, ಪಾಲುದಾರಿಕೆ, ಸಂಸ್ಥೆ, ಕಂಪನಿ, ಜವಳಿ, ಸಹಕಾರ ಸಂಘ, ಸಂಸ್ಥೆಗಳು ಜವಳಿ ಕ್ಷೇತ್ರಕ್ಕೆ ಸಂಬಂಧಿಸಿದ ಸಣ್ಣ ಮತ್ತು ಅತಿಸಣ್ಣ (ಎಸ್‌ಎಂಇ) ಘಟಕಗಳನ್ನು ಪ್ರಾರಂಭಿಸುವುದು ಉತ್ತೇಜಿಸಲು ಯಂತ್ರೋಪಕರಣಗಳೊಂದಿಗೆ ಸ್ಥಾಪಿಸುವ ಜವಳಿ ಘಟಕಗಳಿಗೆ ಸರ್ಕಾರದಿಂದ ಶೇ.75 ರಷ್ಟು ಬಂಡವಾಳ ಹೂಡಿಕೆ ಸಹಾಯಧನ ಒದಗಿಸುವ ಯೋಜನೆಯನ್ನು ಕೈಮಗ್ಗ ಮತ್ತು ಜವಳಿ ಇಲಾಖೆಯಿಂದ ಅನುಷ್ಠಾನಗೊಳಿಸಲಾಗುತ್ತಿದೆ. ಎಸ್‌ಎಂಇ ಘಟಕಗಳನ್ನು ಸ್ಥಾಪಿಸಲು ಆಸಕ್ತ ಉದ್ದಿಮೆದಾರರು ಪೂರ್ಣ ಪ್ರಮಾಣದ ದಾಖಲಾತಿಗಳೊಂದಿಗೆ ಪ್ರಸ್ತಾವನೆಗಳನ್ನು ಜ.25 ರೊಳಗೆ ಸಲ್ಲಿಸಲು ತಿಳಿಸಲಾಗಿದೆ. ಹೆಚ್ಚಿನ ಮಾಹಿತಿಗಾಗಿ ಉಪನಿರ್ದೇಶಕರವರ ಕಚೇರಿ, ಕೈಮಗ್ಗ ಮತ್ತು ಜವಳಿ ಇಲಾಖೆ, ಜಿಲ್ಲಾ ಪಂಚಾಯತ್ ಬಳ್ಳಾರಿ, ನೂತನ ಜಿಲ್ಲಾಡಳಿತ ಭವನದ ಕಚೇರಿ, ಬಳ್ಳಾರಿ ಇವರಿಗೆ, ದೂ.9901313417, 9844837264, 9902772936 ಕರೆ ಮಾಡಿ ಸಂಪರ್ಕಿಸಬಹುದು ಎಂದು ಪ್ರಕಟಣೆ ತಿಳಿಸಿದೆ.
